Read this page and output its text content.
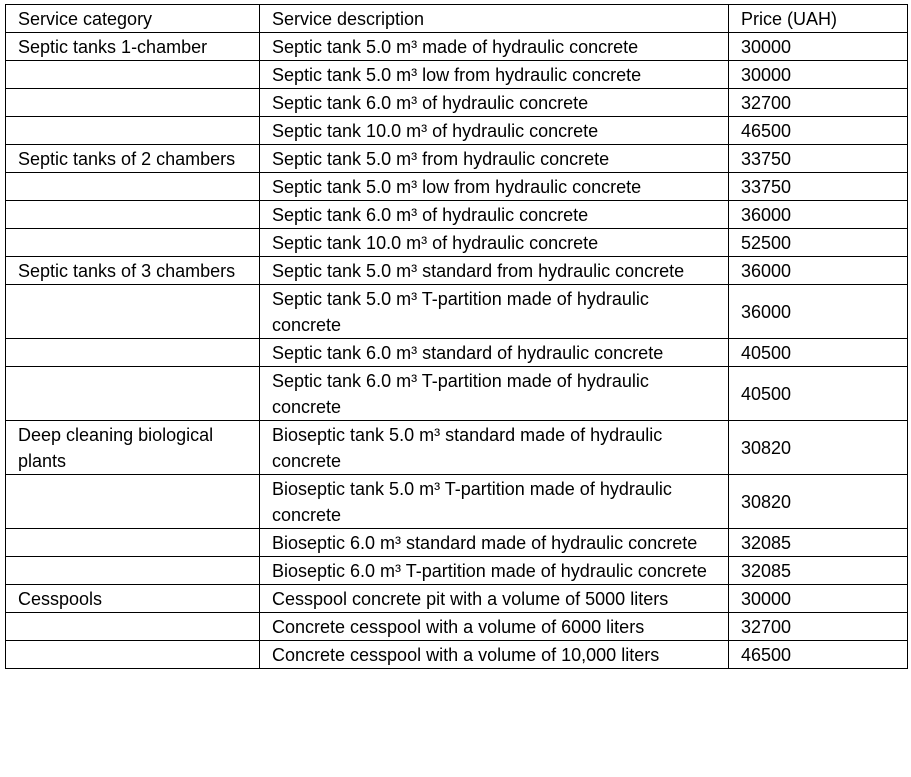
Service category	Service description	Price (UAH)
Septic tanks 1-chamber	Septic tank 5.0 m³ made of hydraulic concrete	30000
	Septic tank 5.0 m³ low from hydraulic concrete	30000
	Septic tank 6.0 m³ of hydraulic concrete	32700
	Septic tank 10.0 m³ of hydraulic concrete	46500
Septic tanks of 2 chambers	Septic tank 5.0 m³ from hydraulic concrete	33750
	Septic tank 5.0 m³ low from hydraulic concrete	33750
	Septic tank 6.0 m³ of hydraulic concrete	36000
	Septic tank 10.0 m³ of hydraulic concrete	52500
Septic tanks of 3 chambers	Septic tank 5.0 m³ standard from hydraulic concrete	36000
	Septic tank 5.0 m³ T-partition made of hydraulic concrete	36000
	Septic tank 6.0 m³ standard of hydraulic concrete	40500
	Septic tank 6.0 m³ T-partition made of hydraulic concrete	40500
Deep cleaning biological plants	Bioseptic tank 5.0 m³ standard made of hydraulic concrete	30820
	Bioseptic tank 5.0 m³ T-partition made of hydraulic concrete	30820
	Bioseptic 6.0 m³ standard made of hydraulic concrete	32085
	Bioseptic 6.0 m³ T-partition made of hydraulic concrete	32085
Cesspools	Cesspool concrete pit with a volume of 5000 liters	30000
	Concrete cesspool with a volume of 6000 liters	32700
	Concrete cesspool with a volume of 10,000 liters	46500
